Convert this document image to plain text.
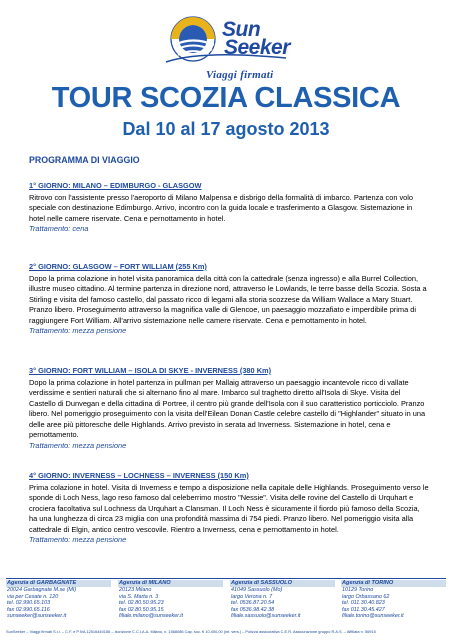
Sun
Seeker
Viaggi firmati
TOUR SCOZIA CLASSICA
Dal 10 al 17 agosto 2013
PROGRAMMA DI VIAGGIO
1° GIORNO: MILANO – EDIMBURGO - GLASGOW
Ritrovo con l'assistente presso l'aeroporto di Milano Malpensa e disbrigo della formalità di imbarco. Partenza con volo speciale con destinazione Edimburgo. Arrivo, incontro con la guida locale e trasferimento a Glasgow. Sistemazione in hotel nelle camere riservate. Cena e pernottamento in hotel.
Trattamento: cena
2° GIORNO: GLASGOW – FORT WILLIAM (255 Km)
Dopo la prima colazione in hotel visita panoramica della città con la cattedrale (senza ingresso) e alla Burrel Collection, illustre museo cittadino. Al termine partenza in direzione nord, attraverso le Lowlands, le terre basse della Scozia. Sosta a Stirling e visita del famoso castello, dal passato ricco di legami alla storia scozzese da William Wallace a Mary Stuart. Pranzo libero. Proseguimento attraverso la magnifica valle di Glencoe, un paesaggio mozzafiato e imperdibile prima di raggiungere Fort William. All'arrivo sistemazione nelle camere riservate. Cena e pernottamento in hotel.
Trattamento: mezza pensione
3° GIORNO: FORT WILLIAM – ISOLA DI SKYE - INVERNESS (380 Km)
Dopo la prima colazione in hotel partenza in pullman per Mallaig attraverso un paesaggio incantevole ricco di vallate verdissime e sentieri naturali che si alternano fino al mare. Imbarco sul traghetto diretto all'Isola di Skye. Visita del Castello di Dunvegan e della cittadina di Portree, il centro più grande dell'Isola con il suo caratteristico porticciolo. Pranzo libero. Nel pomeriggio proseguimento con la visita dell'Eilean Donan Castle celebre castello di "Highlander" situato in una delle aree più pittoresche delle Highlands. Arrivo previsto in serata ad Inverness. Sistemazione in hotel, cena e pernottamento.
Trattamento: mezza pensione
4° GIORNO: INVERNESS – LOCHNESS – INVERNESS (150 Km)
Prima colazione in hotel. Visita di Inverness e tempo a disposizione nella capitale delle Highlands. Proseguimento verso le sponde di Loch Ness, lago reso famoso dal celeberrimo mostro "Nessie". Visita delle rovine del Castello di Urquhart e crociera facoltativa sul Lochness da Urquhart a Clansman. Il Loch Ness è sicuramente il fiordo più famoso della Scozia, ha una lunghezza di circa 23 miglia con una profondità massima di 754 piedi. Pranzo libero. Nel pomeriggio visita alla cattedrale di Elgin, antico centro vescovile. Rientro a Inverness, cena e pernottamento in hotel.
Trattamento: mezza pensione
Agenzia di GARBAGNATE
20024 Garbagnate M.se (MI)
via per Cesate n. 120
tel. 02.990.65.103
fax 02.990.65.116
sunseeker@sunseeker.it
Agenzia di MILANO
20123 Milano
via S. Marta n. 3
tel. 02.80.50.95.23
fax 02.80.50.95.15
filiale.milano@sunseeker.it
Agenzia di SASSUOLO
41049 Sassuolo (Mo)
largo Verona n. 7
tel. 0536.87.20.54
fax 0536.98.42.38
filiale.sassuolo@sunseeker.it
Agenzia di TORINO
10129 Torino
largo Orbassano 62
tel. 011.30.40.823
fax 011.30.45.427
filiale.torino@sunseeker.it
SunSeeker – Viaggi firmati S.r.l. – C.F. e P.IVA 12516440156 – Iscrizione C.C.I.A.A. Milano, n. 1568086 Cap. soc. € 10.400,00 (int. vers.) – Polizza assicurativa C.E.R. Assicurazione gruppo R.A.S. – Affiliata n. 56915
